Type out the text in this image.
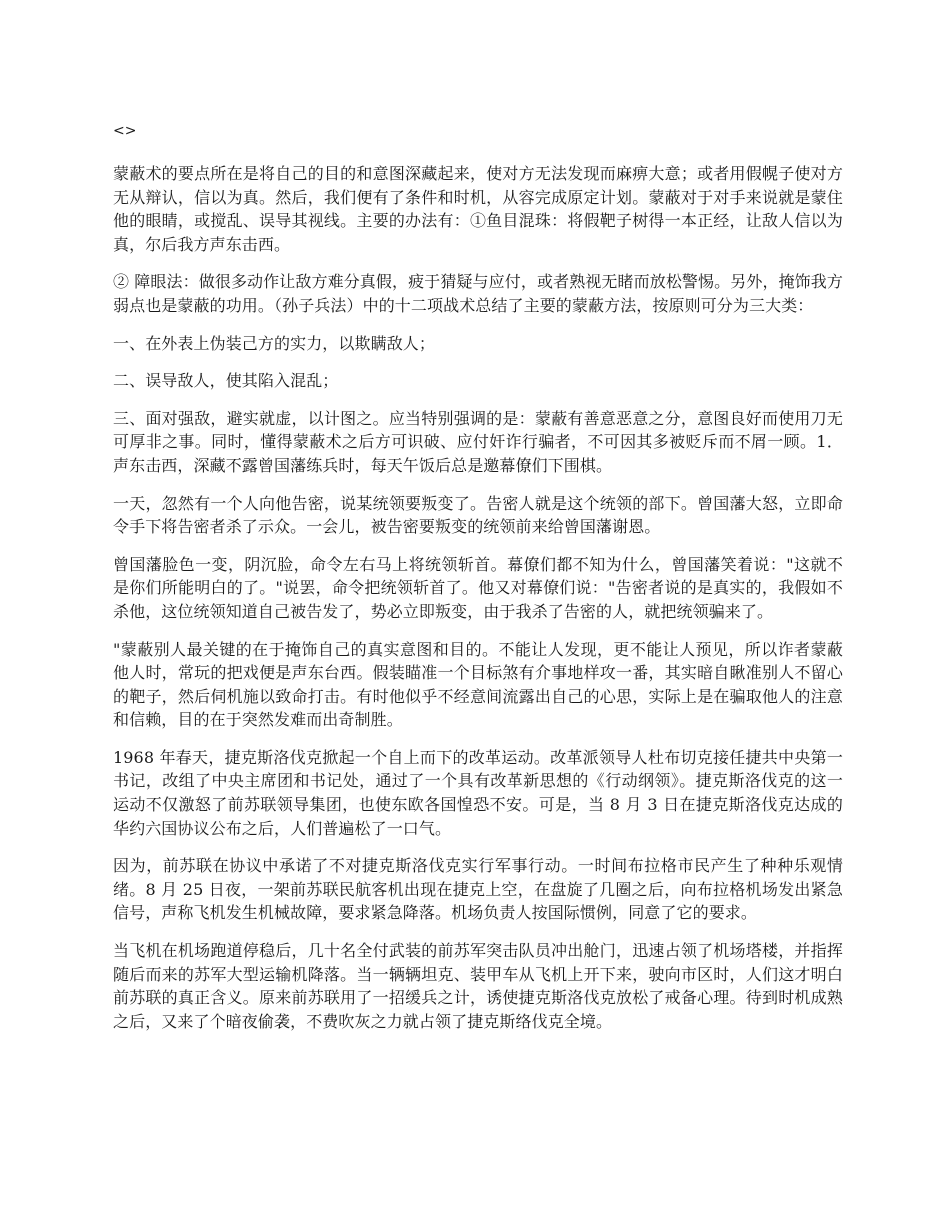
<>

蒙蔽术的要点所在是将自己的目的和意图深藏起来，使对方无法发现而麻痹大意；或者用假幌子使对方无从辩认，信以为真。然后，我们便有了条件和时机，从容完成原定计划。蒙蔽对于对手来说就是蒙住他的眼睛，或搅乱、误导其视线。主要的办法有：①鱼目混珠：将假靶子树得一本正经，让敌人信以为真，尔后我方声东击西。

② 障眼法：做很多动作让敌方难分真假，疲于猜疑与应付，或者熟视无睹而放松警惕。另外，掩饰我方弱点也是蒙蔽的功用。（孙子兵法）中的十二项战术总结了主要的蒙蔽方法，按原则可分为三大类：

一、在外表上伪装己方的实力，以欺瞒敌人；

二、误导敌人，使其陷入混乱；

三、面对强敌，避实就虚，以计图之。应当特别强调的是：蒙蔽有善意恶意之分，意图良好而使用刀无可厚非之事。同时，懂得蒙蔽术之后方可识破、应付奸诈行骗者，不可因其多被贬斥而不屑一顾。1．声东击西，深藏不露曾国藩练兵时，每天午饭后总是邀幕僚们下围棋。

一天，忽然有一个人向他告密，说某统领要叛变了。告密人就是这个统领的部下。曾国藩大怒，立即命令手下将告密者杀了示众。一会儿，被告密要叛变的统领前来给曾国藩谢恩。

曾国藩脸色一变，阴沉脸，命令左右马上将统领斩首。幕僚们都不知为什么，曾国藩笑着说："这就不是你们所能明白的了。"说罢，命令把统领斩首了。他又对幕僚们说："告密者说的是真实的，我假如不杀他，这位统领知道自己被告发了，势必立即叛变，由于我杀了告密的人，就把统领骗来了。

"蒙蔽别人最关键的在于掩饰自己的真实意图和目的。不能让人发现，更不能让人预见，所以诈者蒙蔽他人时，常玩的把戏便是声东台西。假装瞄准一个目标煞有介事地样攻一番，其实暗自瞅准别人不留心的靶子，然后伺机施以致命打击。有时他似乎不经意间流露出自己的心思，实际上是在骗取他人的注意和信赖，目的在于突然发难而出奇制胜。

1968 年春天，捷克斯洛伐克掀起一个自上而下的改革运动。改革派领导人杜布切克接任捷共中央第一书记，改组了中央主席团和书记处，通过了一个具有改革新思想的《行动纲领》。捷克斯洛伐克的这一运动不仅激怒了前苏联领导集团，也使东欧各国惶恐不安。可是，当 8 月 3 日在捷克斯洛伐克达成的华约六国协议公布之后，人们普遍松了一口气。

因为，前苏联在协议中承诺了不对捷克斯洛伐克实行军事行动。一时间布拉格市民产生了种种乐观情绪。8 月 25 日夜，一架前苏联民航客机出现在捷克上空，在盘旋了几圈之后，向布拉格机场发出紧急信号，声称飞机发生机械故障，要求紧急降落。机场负责人按国际惯例，同意了它的要求。

当飞机在机场跑道停稳后，几十名全付武装的前苏军突击队员冲出舱门，迅速占领了机场塔楼，并指挥随后而来的苏军大型运输机降落。当一辆辆坦克、装甲车从飞机上开下来，驶向市区时，人们这才明白前苏联的真正含义。原来前苏联用了一招缓兵之计，诱使捷克斯洛伐克放松了戒备心理。待到时机成熟之后，又来了个暗夜偷袭，不费吹灰之力就占领了捷克斯络伐克全境。
